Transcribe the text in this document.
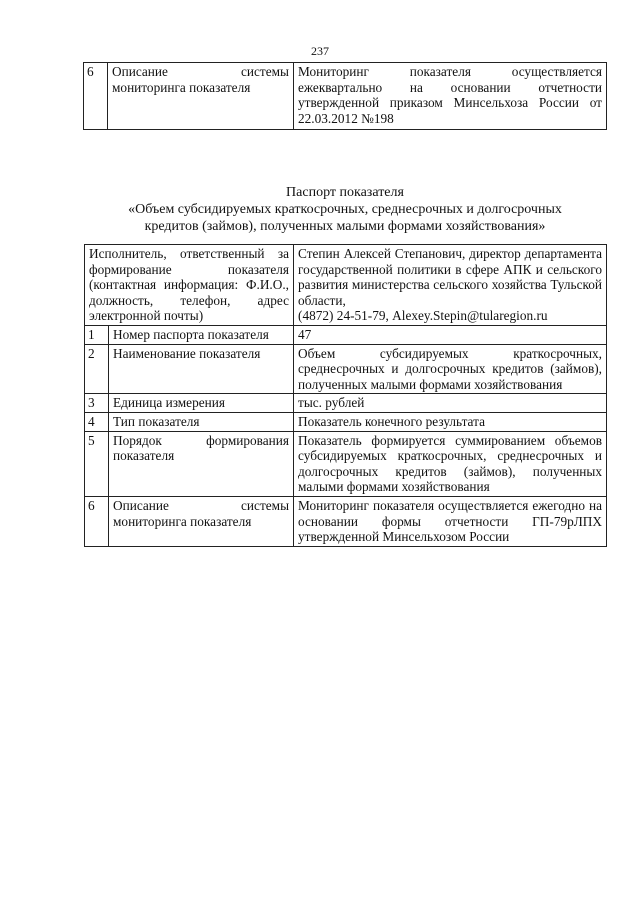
237
6	Описание системы мониторинга показателя	Мониторинг показателя осуществляется ежеквартально на основании отчетности утвержденной приказом Минсельхоза России от 22.03.2012 №198
Паспорт показателя
«Объем субсидируемых краткосрочных, среднесрочных и долгосрочных
кредитов (займов), полученных малыми формами хозяйствования»
Исполнитель, ответственный за формирование показателя (контактная информация: Ф.И.О., должность, телефон, адрес электронной почты)		Степин Алексей Степанович, директор департамента государственной политики в сфере АПК и сельского развития министерства сельского хозяйства Тульской области,
(4872) 24-51-79, Alexey.Stepin@tularegion.ru
1	Номер паспорта показателя	47
2	Наименование показателя	Объем субсидируемых краткосрочных, среднесрочных и долгосрочных кредитов (займов), полученных малыми формами хозяйствования
3	Единица измерения	тыс. рублей
4	Тип показателя	Показатель конечного результата
5	Порядок формирования показателя	Показатель формируется суммированием объемов субсидируемых краткосрочных, среднесрочных и долгосрочных кредитов (займов), полученных малыми формами хозяйствования
6	Описание системы мониторинга показателя	Мониторинг показателя осуществляется ежегодно на основании формы отчетности ГП-79рЛПХ утвержденной Минсельхозом России
